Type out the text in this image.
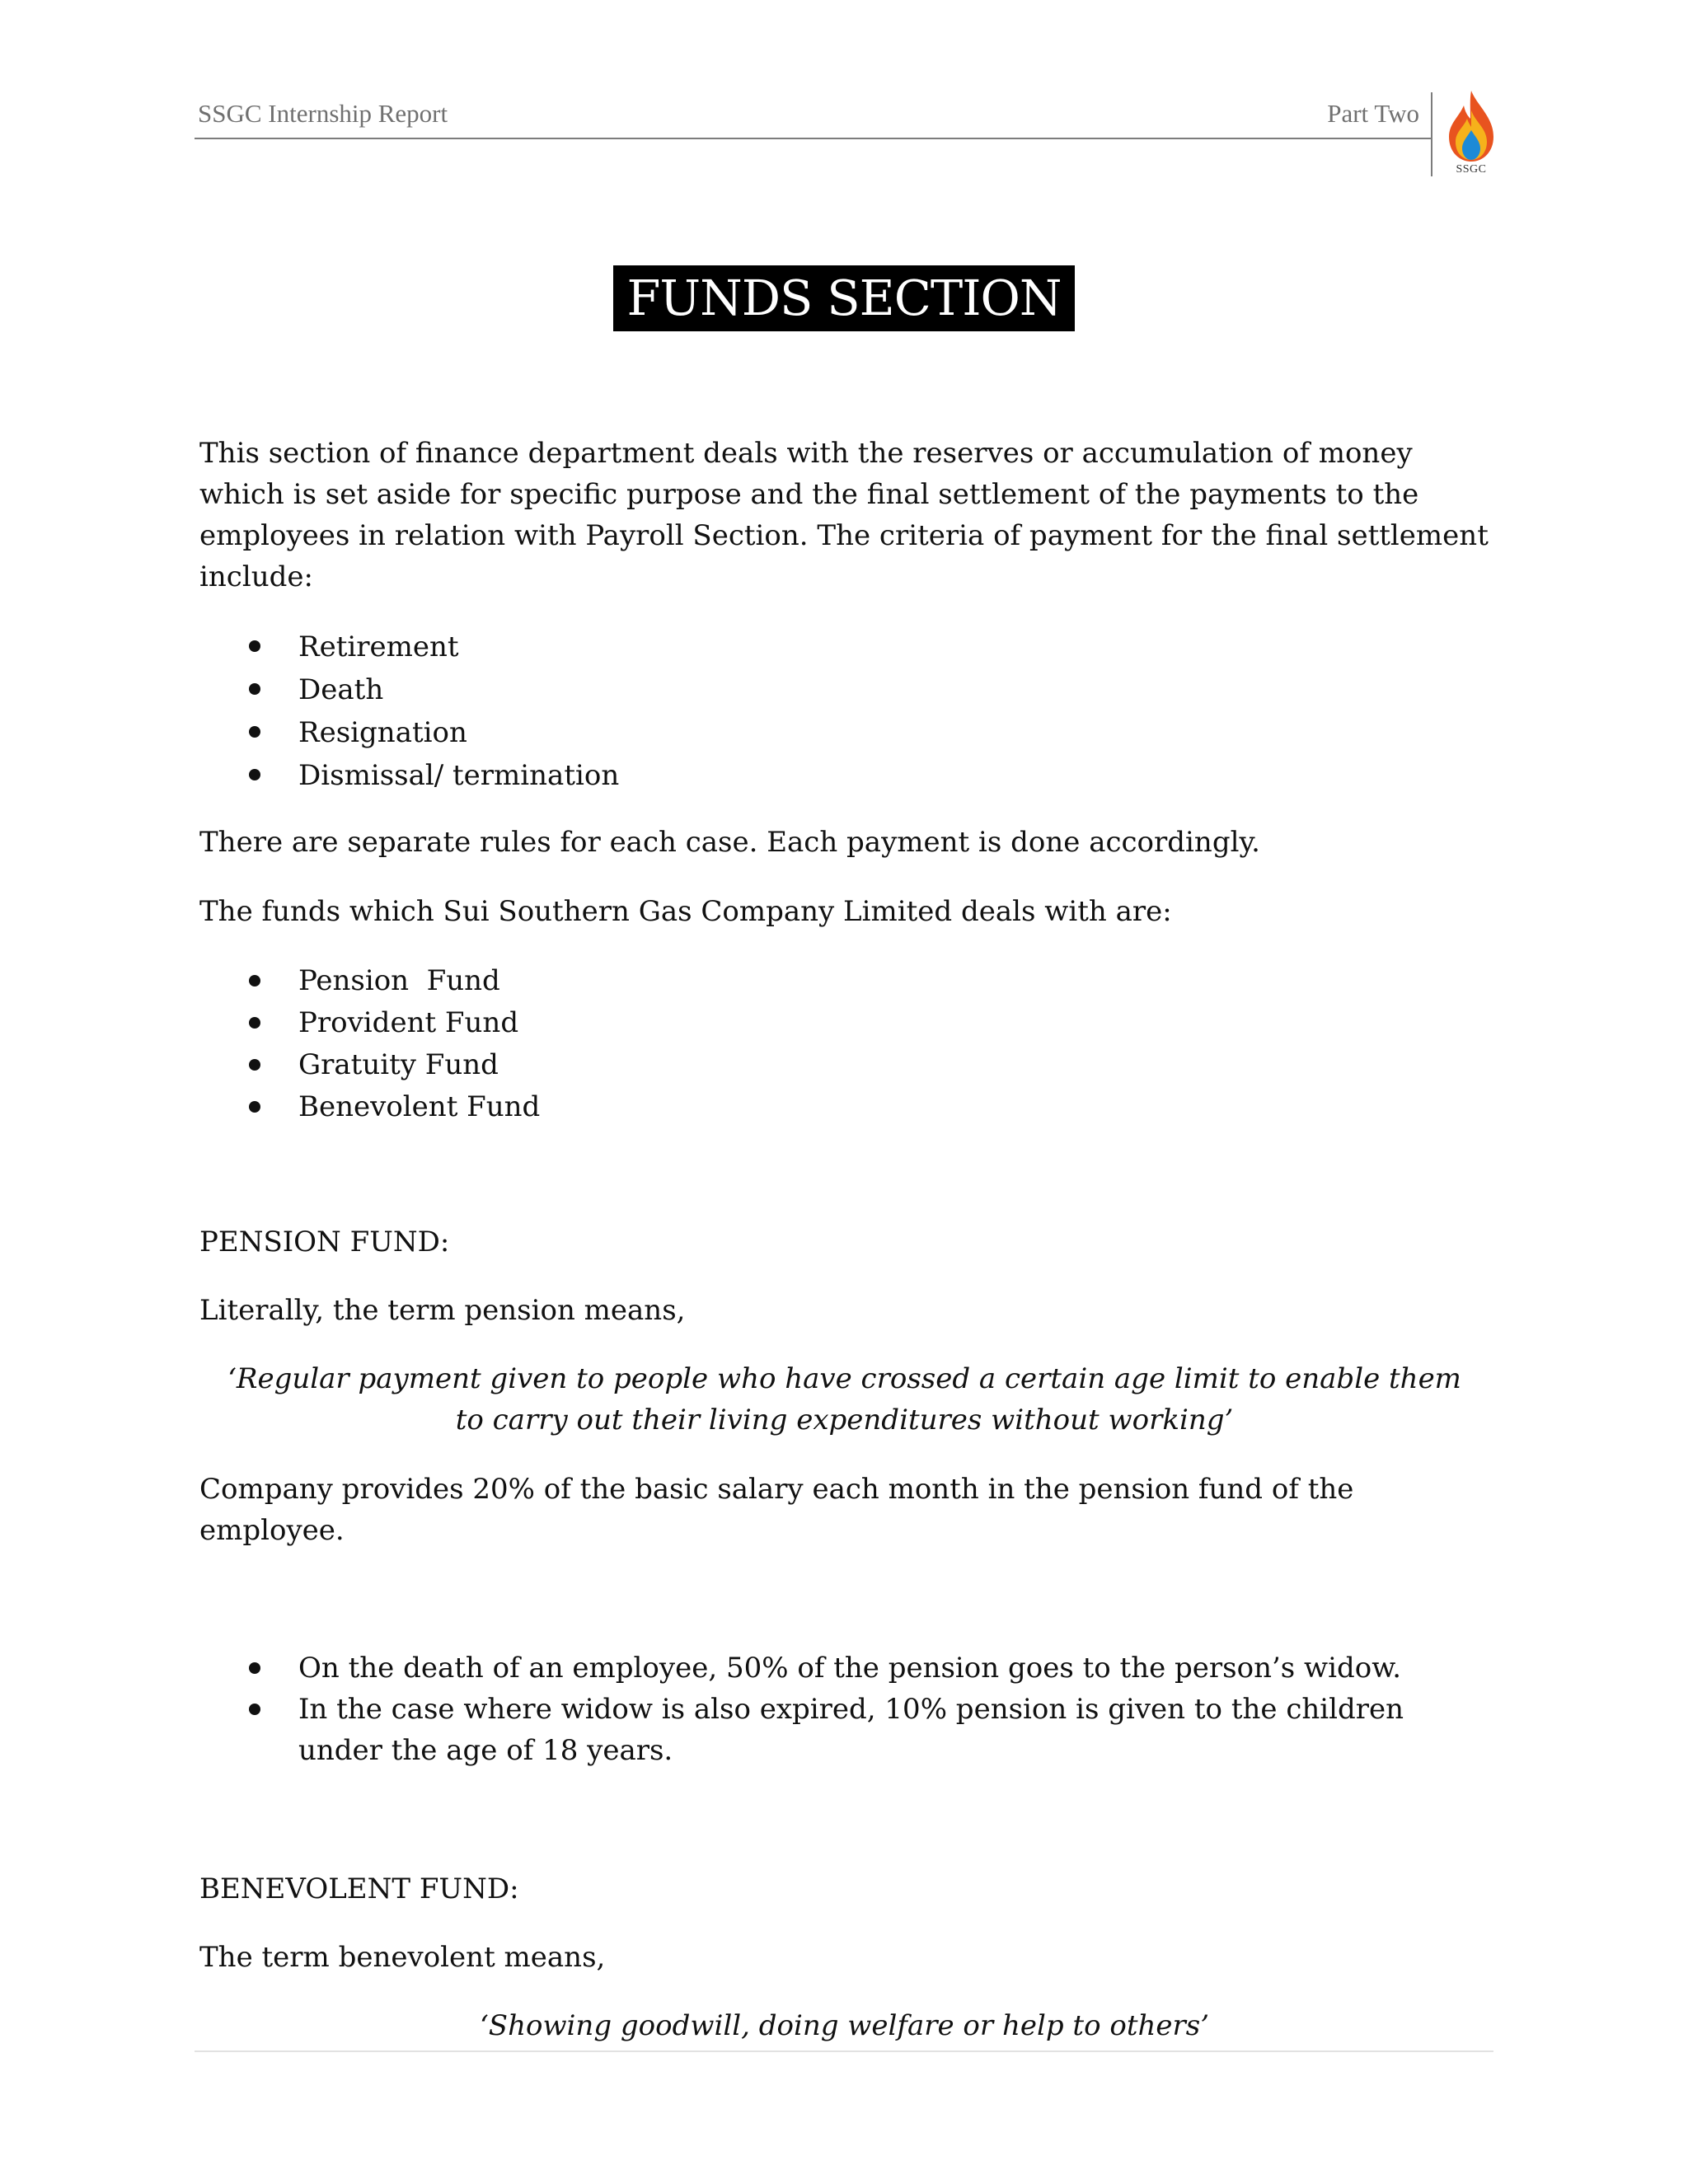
SSGC Internship Report	Part Two
SSGC
FUNDS SECTION

This section of finance department deals with the reserves or accumulation of money which is set aside for specific purpose and the final settlement of the payments to the employees in relation with Payroll Section. The criteria of payment for the final settlement include:

Retirement
Death
Resignation
Dismissal/ termination

There are separate rules for each case. Each payment is done accordingly.

The funds which Sui Southern Gas Company Limited deals with are:

Pension  Fund
Provident Fund
Gratuity Fund
Benevolent Fund

PENSION FUND:

Literally, the term pension means,

‘Regular payment given to people who have crossed a certain age limit to enable them to carry out their living expenditures without working’

Company provides 20% of the basic salary each month in the pension fund of the employee.

On the death of an employee, 50% of the pension goes to the person’s widow.
In the case where widow is also expired, 10% pension is given to the children under the age of 18 years.

BENEVOLENT FUND:

The term benevolent means,

‘Showing goodwill, doing welfare or help to others’
